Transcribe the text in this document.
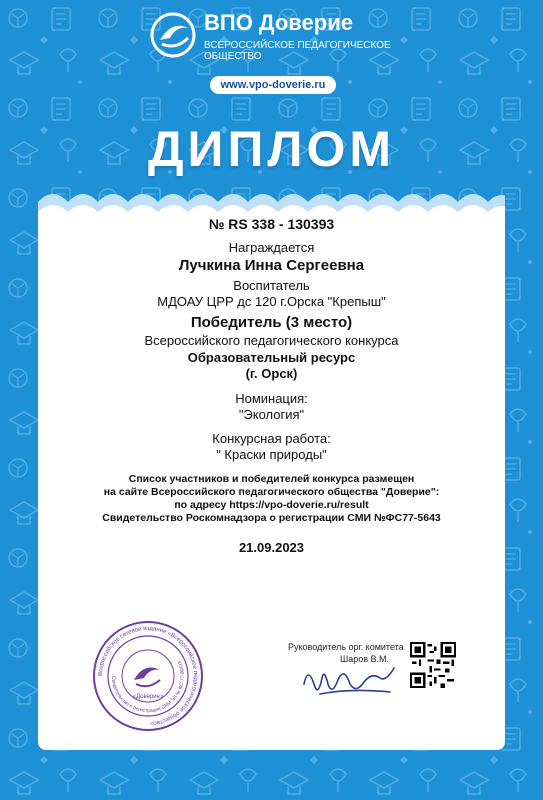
ВПО Доверие
ВСЕРОССИЙСКОЕ ПЕДАГОГИЧЕСКОЕ
ОБЩЕСТВО
www.vpo-doverie.ru
ДИПЛОМ
№ RS 338 - 130393
Награждается
Лучкина Инна Сергеевна
Воспитатель
МДОАУ ЦРР дс 120 г.Орска "Крепыш"
Победитель (3 место)
Всероссийского педагогического конкурса
Образовательный ресурс
(г. Орск)
Номинация:
"Экология"
Конкурсная работа:
" Краски природы"
Список участников и победителей конкурса размещен
на сайте Всероссийского педагогического общества "Доверие":
по адресу https://vpo-doverie.ru/result
Свидетельство Роскомнадзора о регистрации СМИ №ФС77-5643
21.09.2023
Всероссийское сетевое издание «Всероссийское педагогическое общество»
Свидетельство о регистрации СМИ ЭЛ № ФС 77-56433
«Доверие»
Руководитель орг. комитета
Шаров В.М.
